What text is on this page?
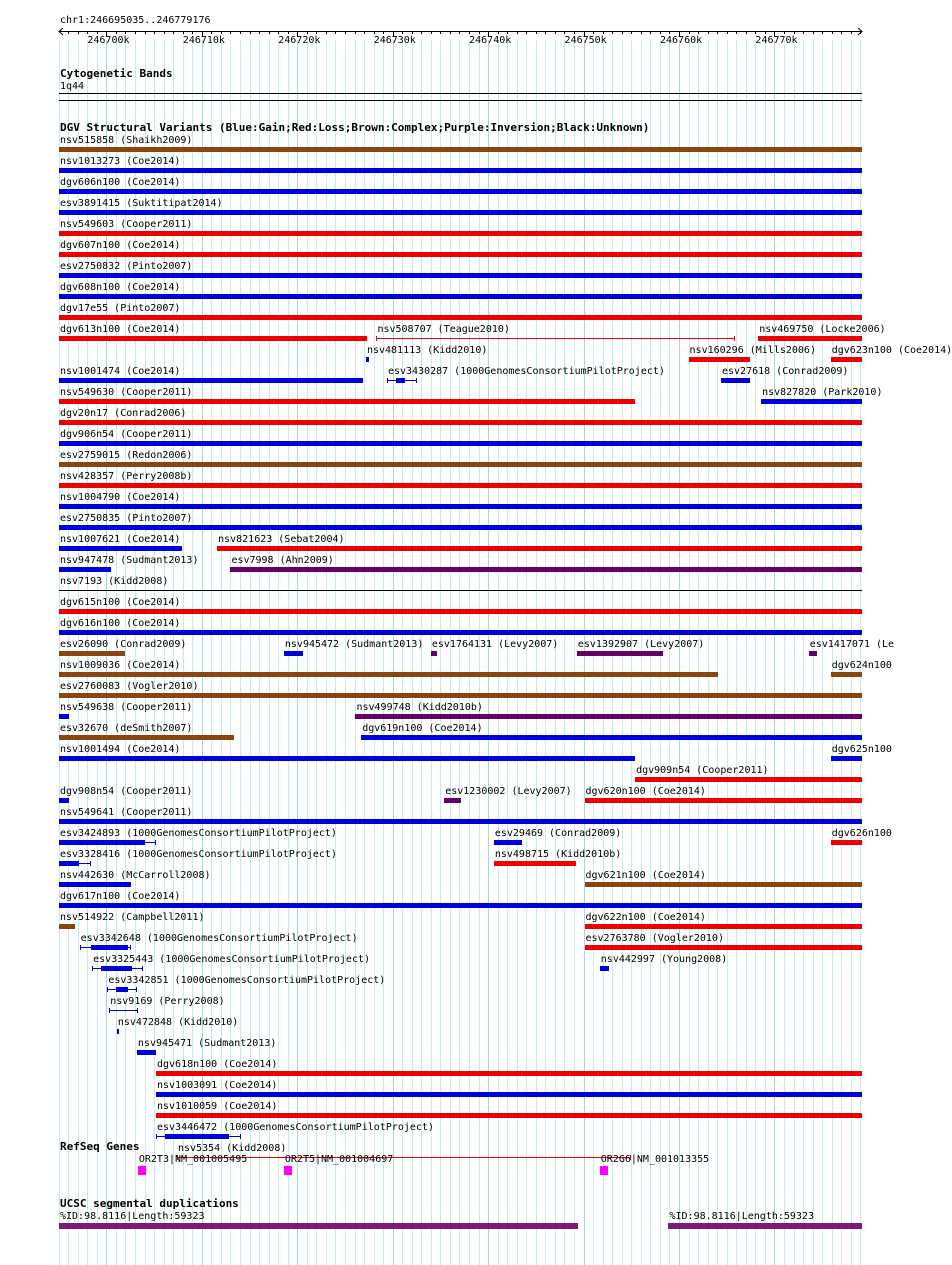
chr1:246695035..246779176
Cytogenetic Bands
1q44
DGV Structural Variants (Blue:Gain;Red:Loss;Brown:Complex;Purple:Inversion;Black:Unknown)
RefSeq Genes
UCSC segmental duplications
246700k	246710k	246720k	246730k	246740k	246750k	246760k	246770k
nsv515858 (Shaikh2009)
nsv1013273 (Coe2014)
dgv606n100 (Coe2014)
esv3891415 (Suktitipat2014)
nsv549603 (Cooper2011)
dgv607n100 (Coe2014)
esv2750832 (Pinto2007)
dgv608n100 (Coe2014)
dgv17e55 (Pinto2007)
dgv613n100 (Coe2014)
nsv481113 (Kidd2010)
nsv508707 (Teague2010)	nsv469750 (Locke2006)
nsv1001474 (Coe2014)	esv3430287 (1000GenomesConsortiumPilotProject)
nsv160296 (Mills2006) dgv623n100 (Coe2014)
nsv549630 (Cooper2011)
esv27618 (Conrad2009)
dgv20n17 (Conrad2006)
dgv906n54 (Cooper2011)
esv2759015 (Redon2006)
nsv428357 (Perry2008b)
nsv1004790 (Coe2014)
esv2750835 (Pinto2007)
nsv1007621 (Coe2014)	nsv821623 (Sebat2004)
nsv947478 (Sudmant2013)	esv7998 (Ahn2009)
nsv7193 (Kidd2008)
dgv615n100 (Coe2014)
dgv616n100 (Coe2014)
esv26090 (Conrad2009)	nsv945472 (Sudmant2013) esv1764131 (Levy2007) esv1392907 (Levy2007)
nsv827820 (Park2010)
nsv1009036 (Coe2014)
esv1417071 (Le
esv2760083 (Vogler2010)
nsv549638 (Cooper2011)	nsv499748 (Kidd2010b)
esv32670 (deSmith2007)	dgv619n100 (Coe2014)
nsv1001494 (Coe2014)
dgv909n54 (Cooper2011)
dgv908n54 (Cooper2011)	esv1230002 (Levy2007) dgv620n100 (Coe2014)
nsv549641 (Cooper2011)
esv3424893 (1000GenomesConsortiumPilotProject)	esv29469 (Conrad2009)
dgv624n100
esv3328416 (1000GenomesConsortiumPilotProject)	nsv498715 (Kidd2010b)
dgv625n100
nsv442630 (McCarroll2008)	dgv621n100 (Coe2014)
dgv617n100 (Coe2014)
nsv514922 (Campbell2011)	dgv622n100 (Coe2014)
esv3342648 (1000GenomesConsortiumPilotProject)	esv2763780 (Vogler2010)
esv3325443 (1000GenomesConsortiumPilotProject)	nsv442997 (Young2008)
dgv626n100
esv3342851 (1000GenomesConsortiumPilotProject)
nsv9169 (Perry2008)
nsv472848 (Kidd2010)
nsv945471 (Sudmant2013)
dgv618n100 (Coe2014)
nsv1003091 (Coe2014)
nsv1010059 (Coe2014)
esv3446472 (1000GenomesConsortiumPilotProject)
nsv5354 (Kidd2008)
OR2T3|NM_001005495	OR2T5|NM_001004697	OR2G6|NM_001013355
%ID:98.8116|Length:59323	%ID:98.8116|Length:59323
